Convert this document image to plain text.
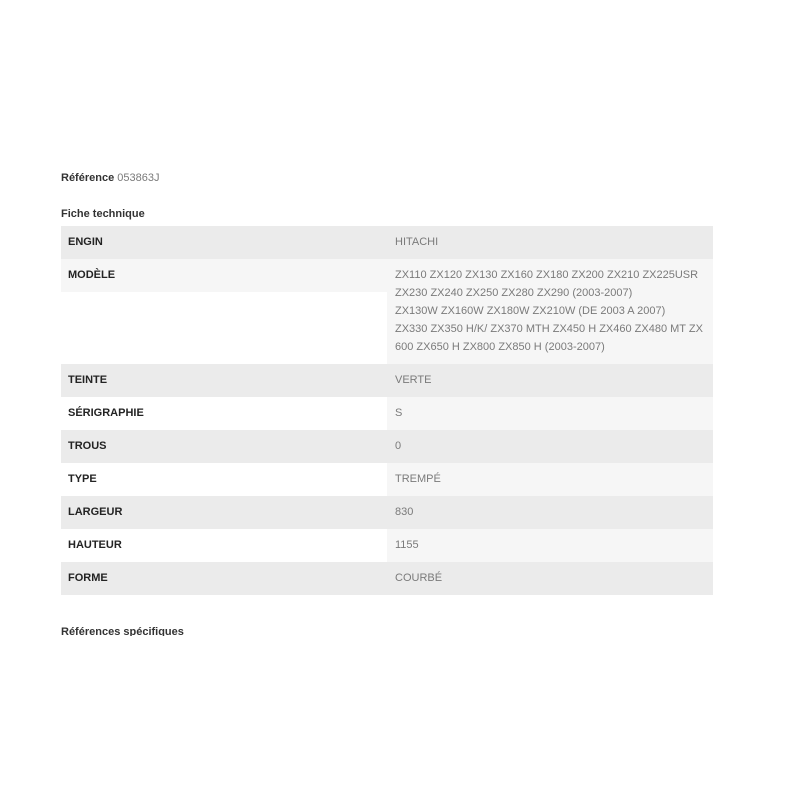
Référence 053863J
Fiche technique
ENGIN	HITACHI
MODÈLE	ZX110 ZX120 ZX130 ZX160 ZX180 ZX200 ZX210 ZX225USR ZX230 ZX240 ZX250 ZX280 ZX290 (2003-2007)
ZX130W ZX160W ZX180W ZX210W (DE 2003 A 2007)
ZX330 ZX350 H/K/ ZX370 MTH ZX450 H ZX460 ZX480 MT ZX600 ZX650 H ZX800 ZX850 H (2003-2007)

TEINTE	VERTE
SÉRIGRAPHIE	S
TROUS	0
TYPE	TREMPÉ
LARGEUR	830
HAUTEUR	1155
FORME	COURBÉ
Références spécifiques
